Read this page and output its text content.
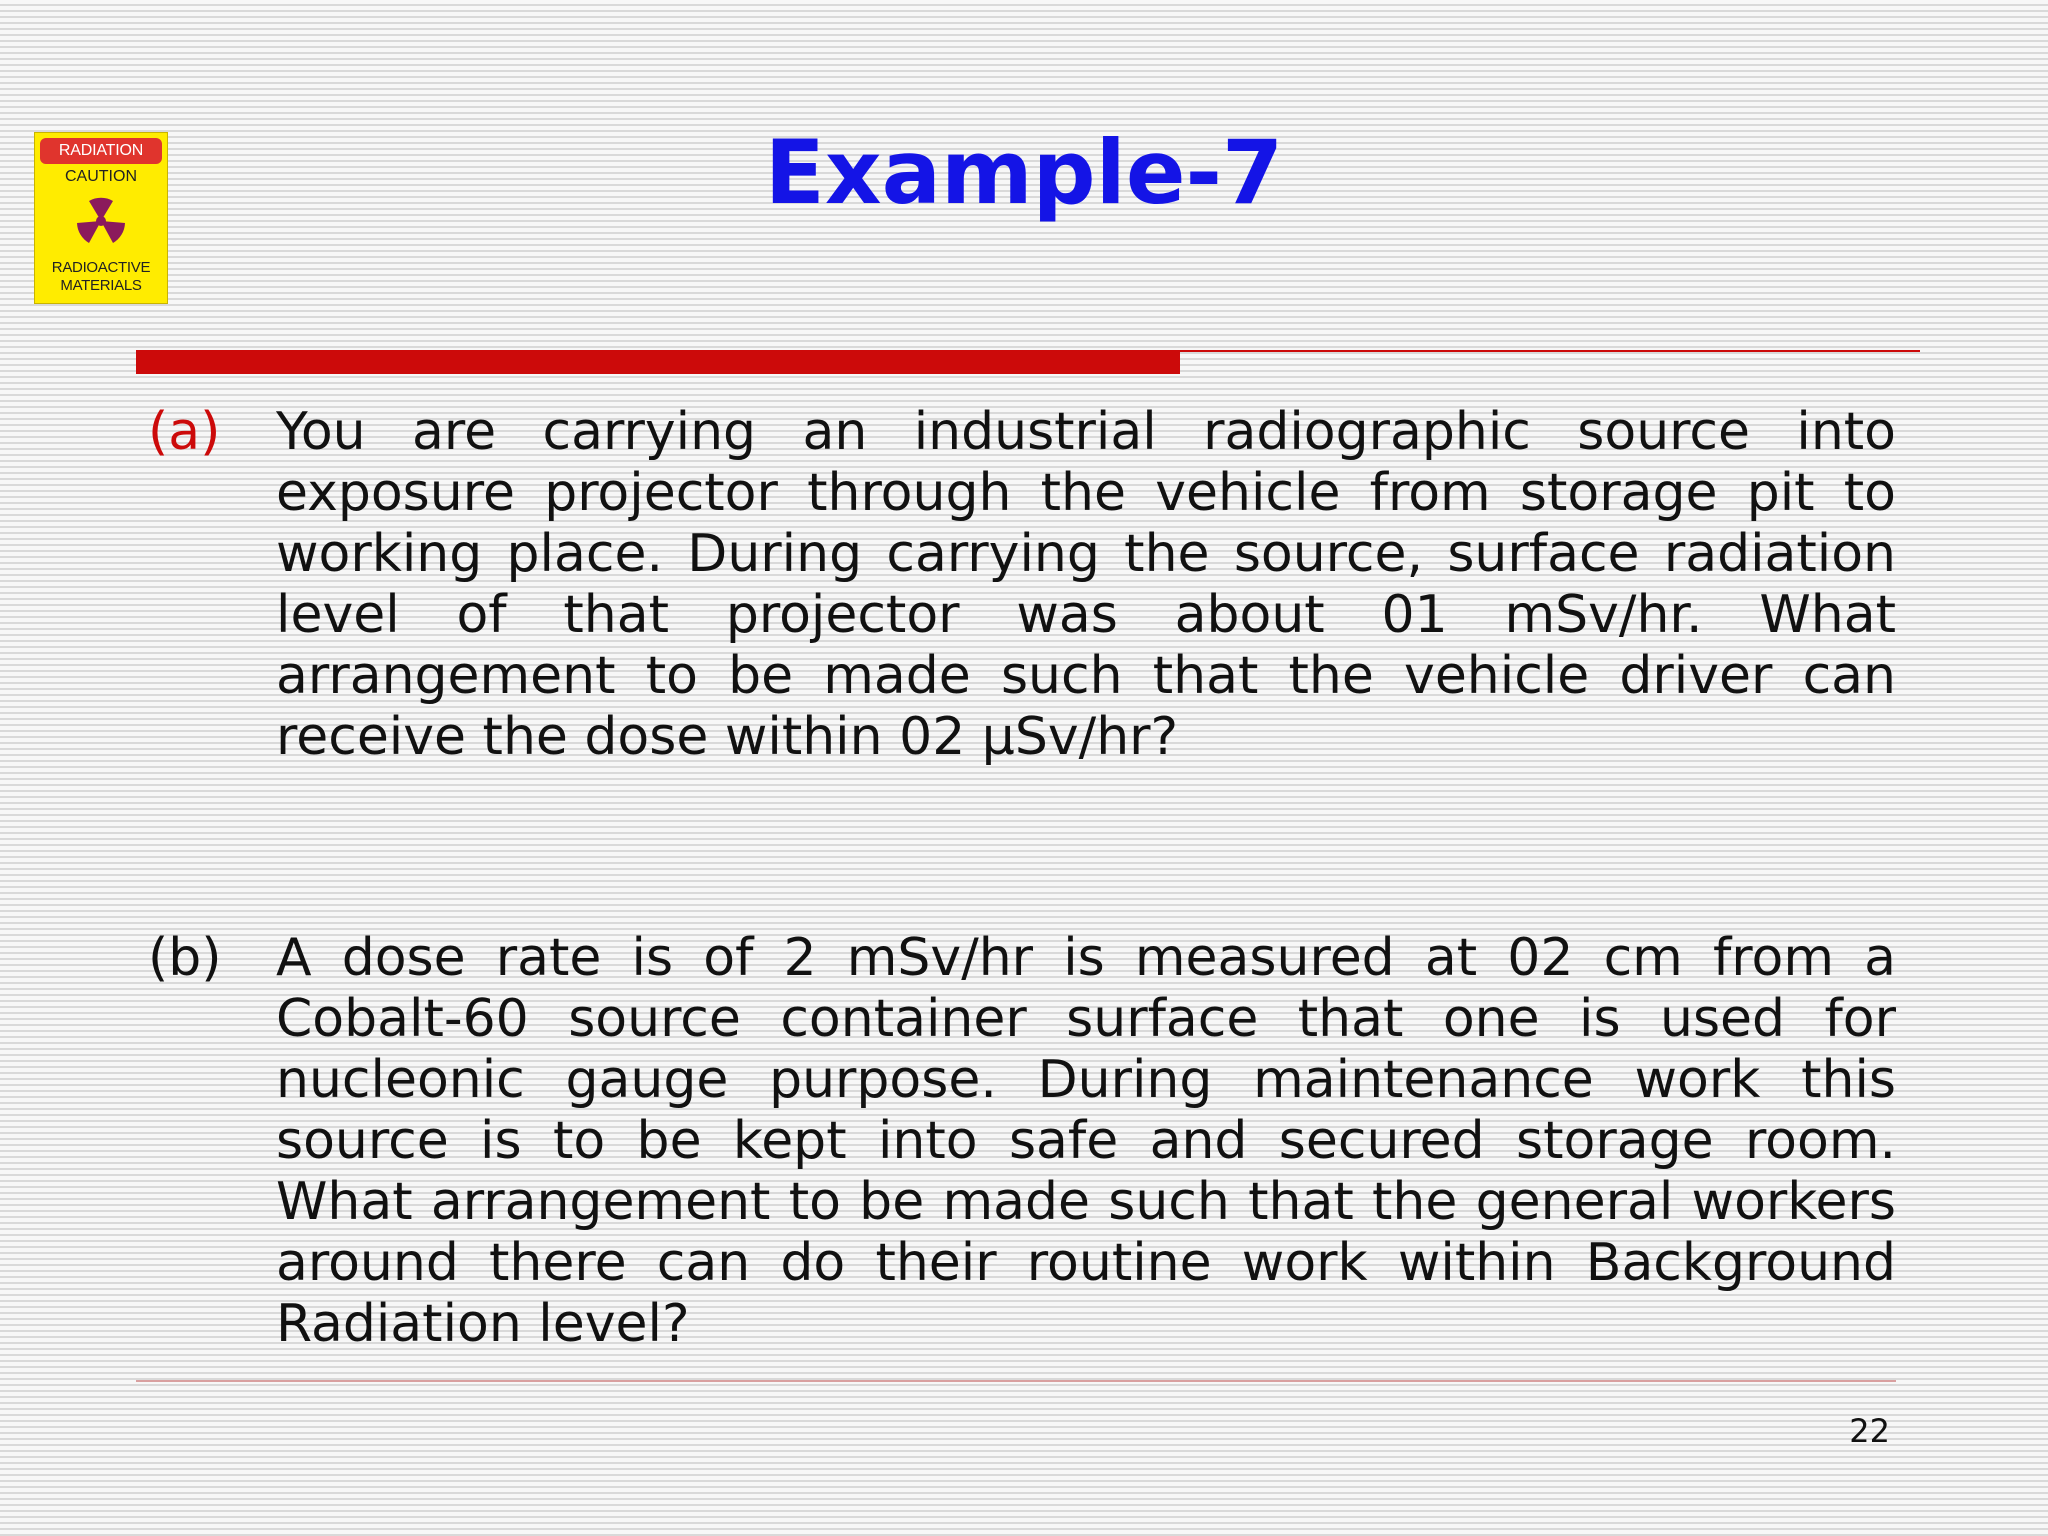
RADIATION
CAUTION
RADIOACTIVE
MATERIALS
Example-7
(a) You are carrying an industrial radiographic source into exposure projector through the vehicle from storage pit to working place. During carrying the source, surface radiation level of that projector was about 01 mSv/hr. What arrangement to be made such that the vehicle driver can receive the dose within 02 μSv/hr?
(b) A dose rate is of 2 mSv/hr is measured at 02 cm from a Cobalt-60 source container surface that one is used for nucleonic gauge purpose. During maintenance work this source is to be kept into safe and secured storage room. What arrangement to be made such that the general workers around there can do their routine work within Background Radiation level?
22
